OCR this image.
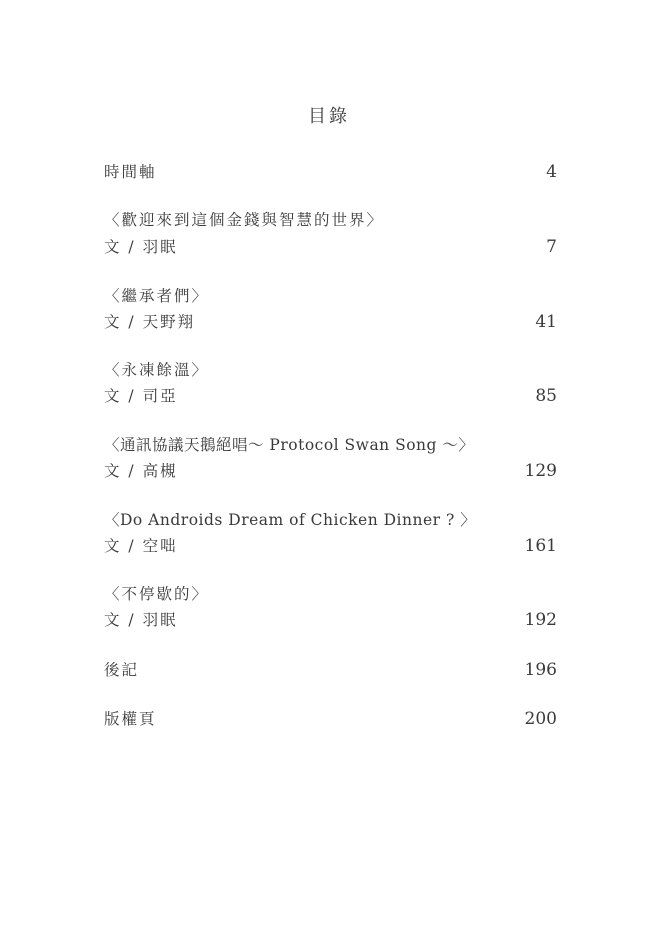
目錄
時間軸	4
〈歡迎來到這個金錢與智慧的世界〉
文 / 羽眠	7
〈繼承者們〉
文 / 天野翔	41
〈永凍餘溫〉
文 / 司亞	85
〈通訊協議天鵝絕唱～ Protocol Swan Song ～〉
文 / 高槻	129
〈Do Androids Dream of Chicken Dinner ? 〉
文 / 空咄	161
〈不停歇的〉
文 / 羽眠	192
後記	196
版權頁	200
